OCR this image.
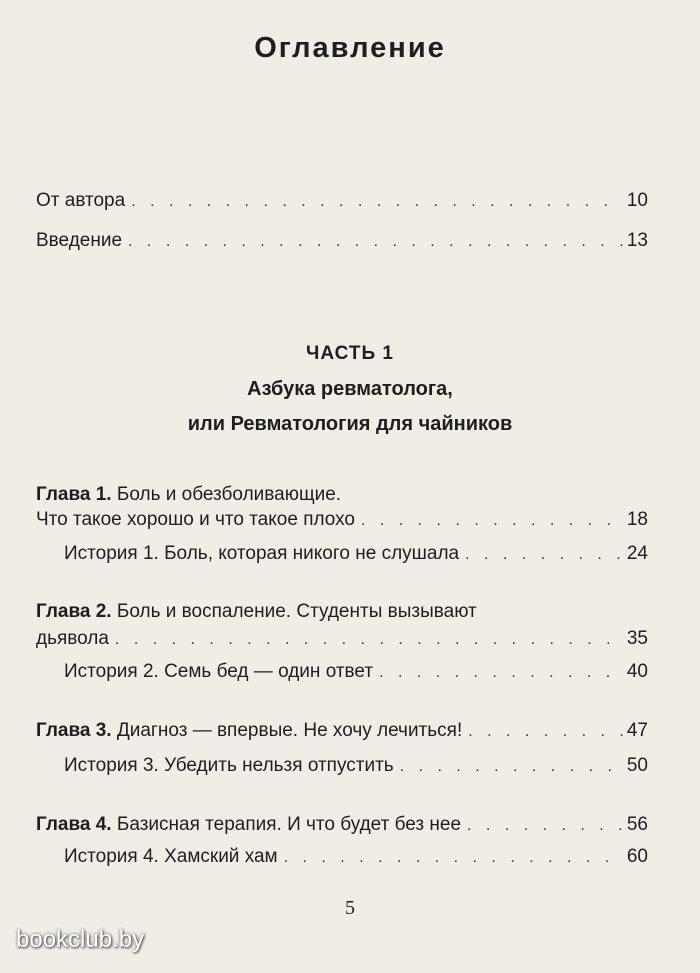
Оглавление
От автора . . .	10
Введение . . .	13
ЧАСТЬ 1
Азбука ревматолога,
или Ревматология для чайников
Глава 1. Боль и обезболивающие.
Что такое хорошо и что такое плохо . . .	18
История 1. Боль, которая никого не слушала . . .	24
Глава 2. Боль и воспаление. Студенты вызывают
дьявола . . .	35
История 2. Семь бед — один ответ . . .	40
Глава 3. Диагноз — впервые. Не хочу лечиться! . . .	47
История 3. Убедить нельзя отпустить . . .	50
Глава 4. Базисная терапия. И что будет без нее . . .	56
История 4. Хамский хам . . .	60
5
bookclub.by
